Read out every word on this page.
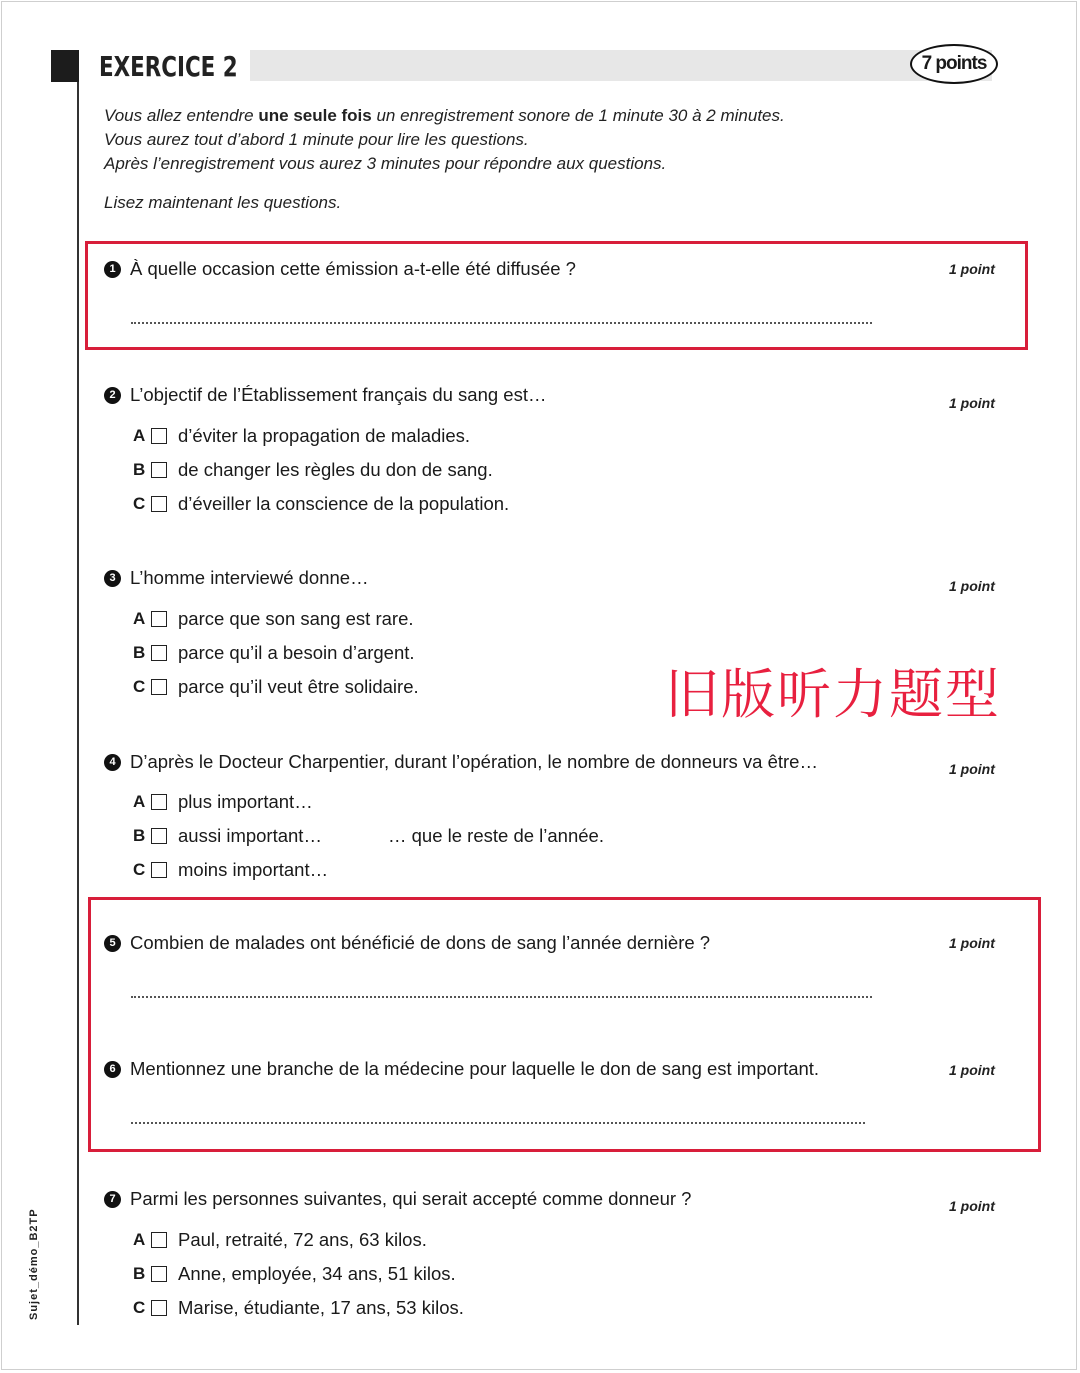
EXERCICE 2	7 points

Vous allez entendre une seule fois un enregistrement sonore de 1 minute 30 à 2 minutes.

Vous aurez tout d’abord 1 minute pour lire les questions.

Après l’enregistrement vous aurez 3 minutes pour répondre aux questions.

Lisez maintenant les questions.

1 À quelle occasion cette émission a-t-elle été diffusée ?	1 point
2 L’objectif de l’Établissement français du sang est…	1 point
A d’éviter la propagation de maladies.
B de changer les règles du don de sang.
C d’éveiller la conscience de la population.
3 L’homme interviewé donne…	1 point
A parce que son sang est rare.
B parce qu’il a besoin d’argent.
C parce qu’il veut être solidaire.	旧版听力题型
4 D’après le Docteur Charpentier, durant l’opération, le nombre de donneurs va être…	1 point
A plus important…
B aussi important…
C moins important…
… que le reste de l’année.
5 Combien de malades ont bénéficié de dons de sang l’année dernière ?	1 point
6 Mentionnez une branche de la médecine pour laquelle le don de sang est important.	1 point
7 Parmi les personnes suivantes, qui serait accepté comme donneur ?	1 point
A Paul, retraité, 72 ans, 63 kilos.
B Anne, employée, 34 ans, 51 kilos.
C Marise, étudiante, 17 ans, 53 kilos.
Sujet_démo_B2TP
